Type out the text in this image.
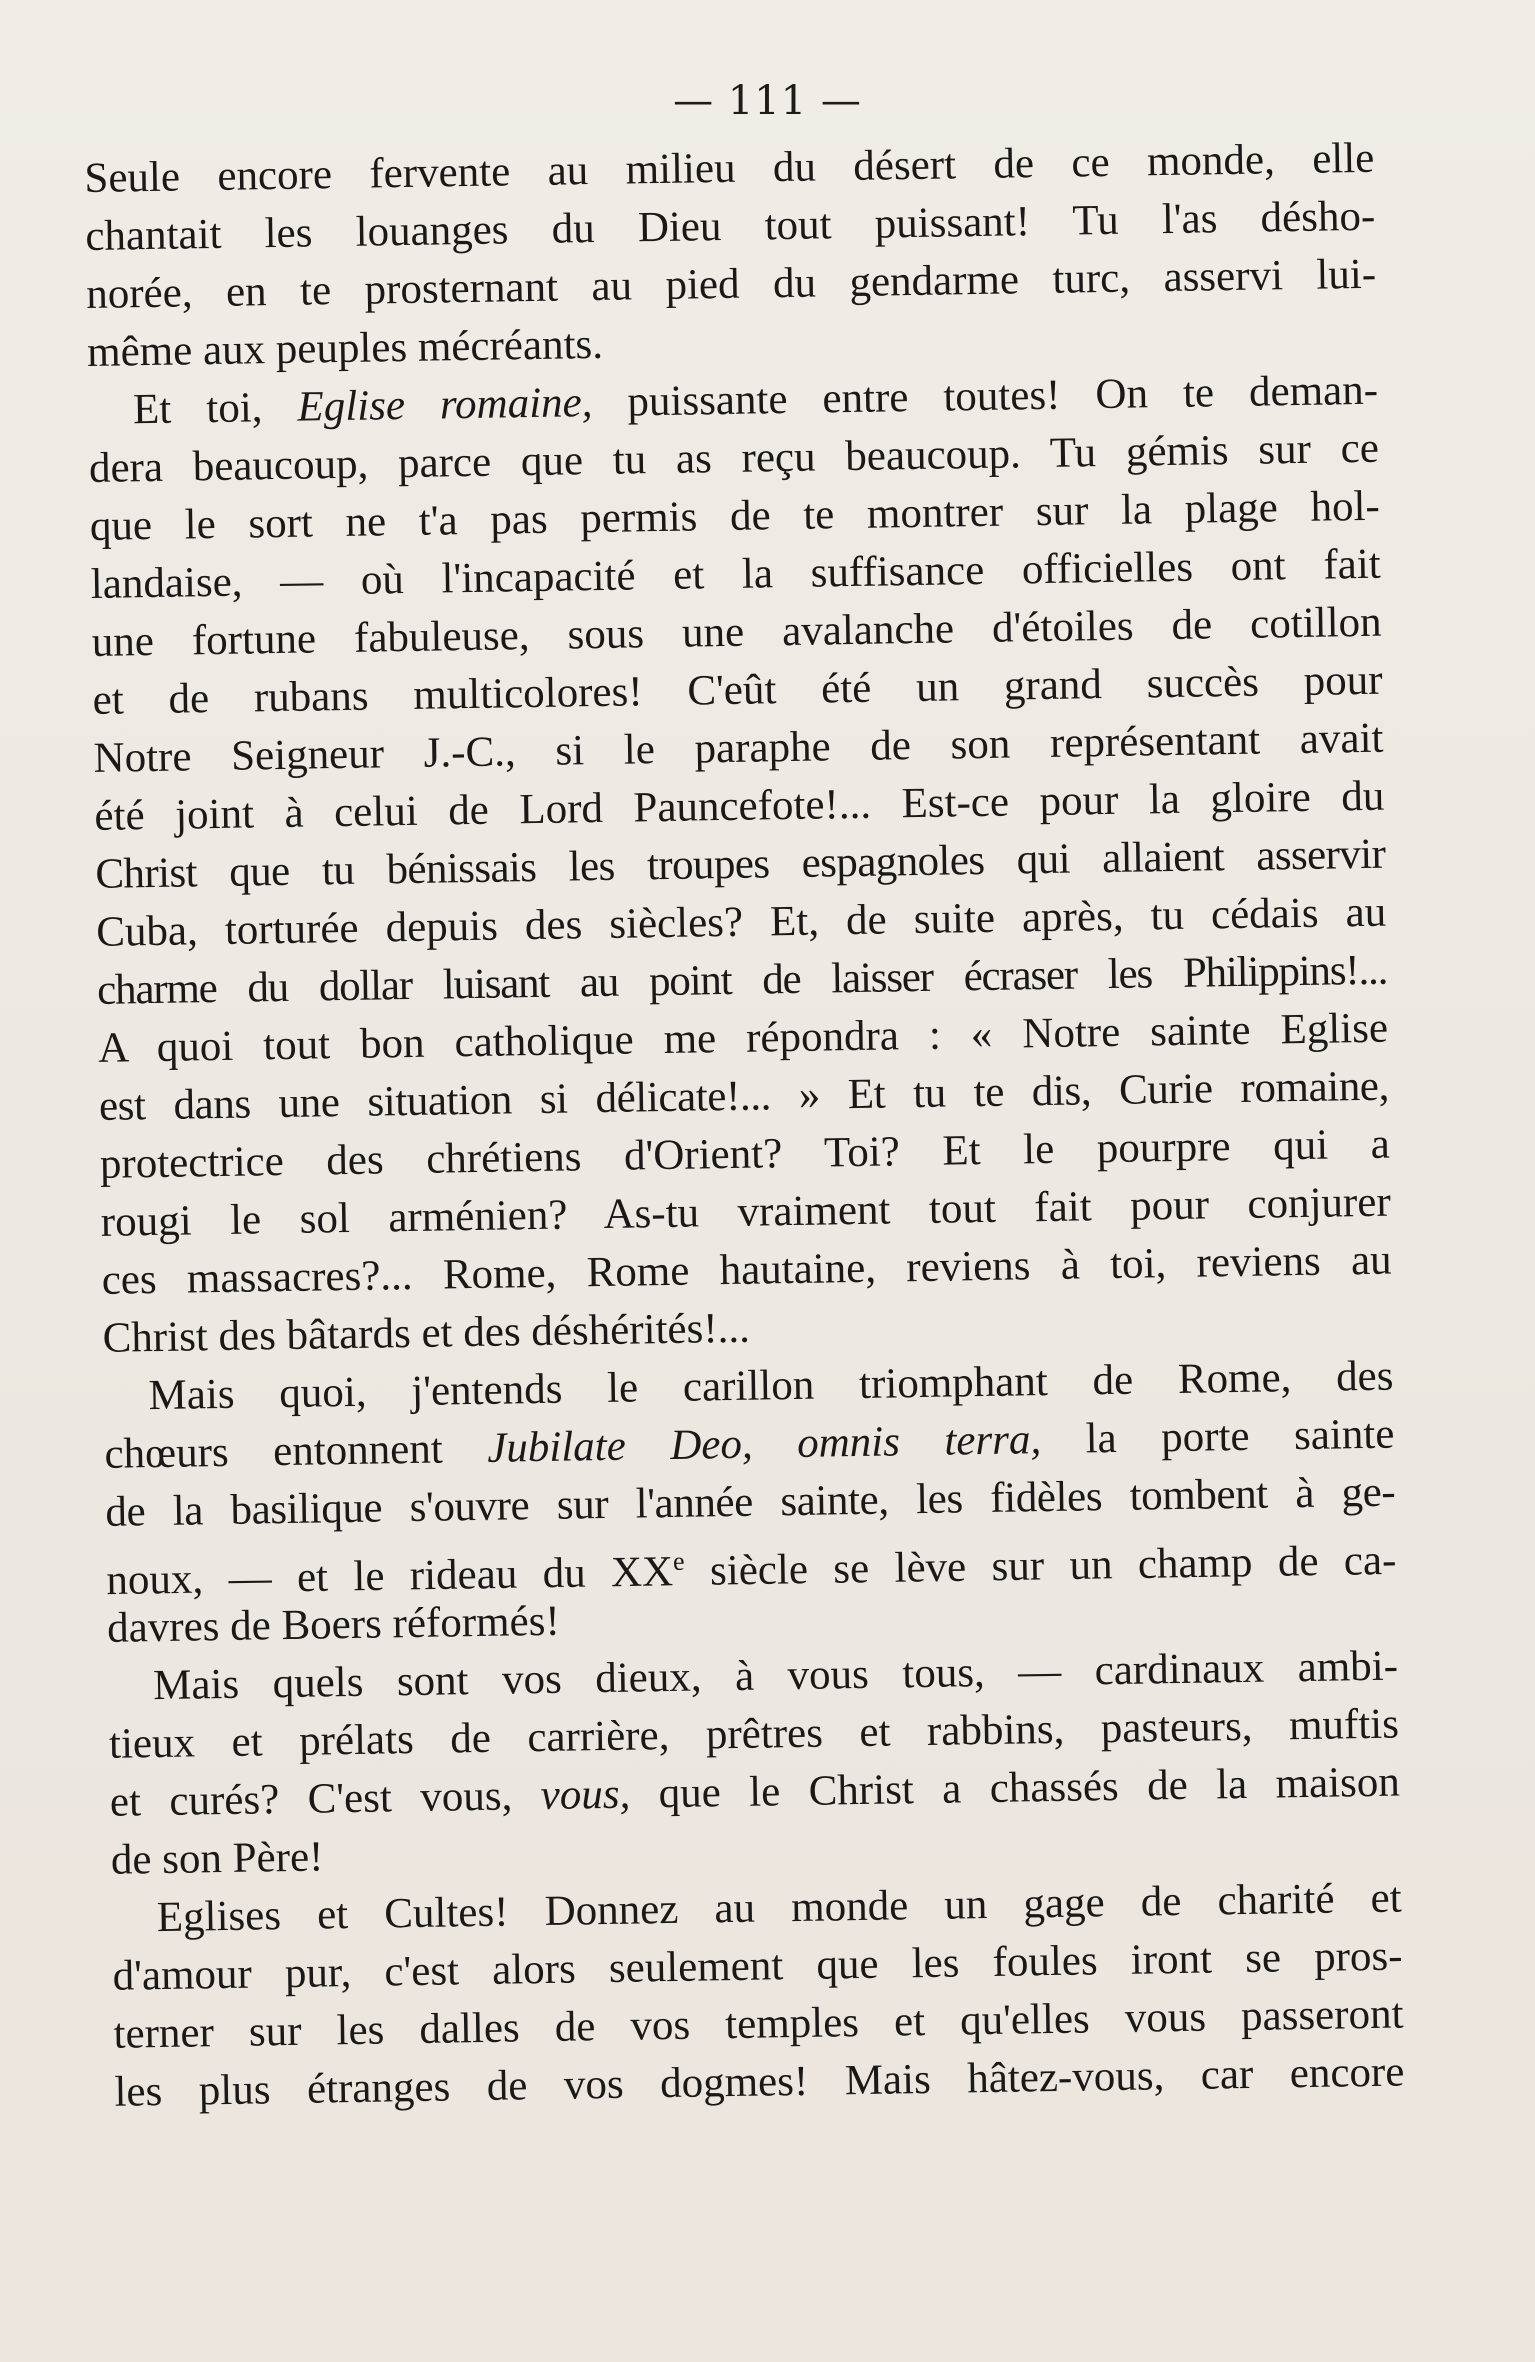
— 111 —
Seule encore fervente au milieu du désert de ce monde, elle
chantait les louanges du Dieu tout puissant! Tu l'as désho-
norée, en te prosternant au pied du gendarme turc, asservi lui-
même aux peuples mécréants.
Et toi, Eglise romaine, puissante entre toutes! On te deman-
dera beaucoup, parce que tu as reçu beaucoup. Tu gémis sur ce
que le sort ne t'a pas permis de te montrer sur la plage hol-
landaise, — où l'incapacité et la suffisance officielles ont fait
une fortune fabuleuse, sous une avalanche d'étoiles de cotillon
et de rubans multicolores! C'eût été un grand succès pour
Notre Seigneur J.-C., si le paraphe de son représentant avait
été joint à celui de Lord Pauncefote!... Est-ce pour la gloire du
Christ que tu bénissais les troupes espagnoles qui allaient asservir
Cuba, torturée depuis des siècles? Et, de suite après, tu cédais au
charme du dollar luisant au point de laisser écraser les Philippins!...
A quoi tout bon catholique me répondra : « Notre sainte Eglise
est dans une situation si délicate!... » Et tu te dis, Curie romaine,
protectrice des chrétiens d'Orient? Toi? Et le pourpre qui a
rougi le sol arménien? As-tu vraiment tout fait pour conjurer
ces massacres?... Rome, Rome hautaine, reviens à toi, reviens au
Christ des bâtards et des déshérités!...
Mais quoi, j'entends le carillon triomphant de Rome, des
chœurs entonnent Jubilate Deo, omnis terra, la porte sainte
de la basilique s'ouvre sur l'année sainte, les fidèles tombent à ge-
noux, — et le rideau du XXe siècle se lève sur un champ de ca-
davres de Boers réformés!
Mais quels sont vos dieux, à vous tous, — cardinaux ambi-
tieux et prélats de carrière, prêtres et rabbins, pasteurs, muftis
et curés? C'est vous, vous, que le Christ a chassés de la maison
de son Père!
Eglises et Cultes! Donnez au monde un gage de charité et
d'amour pur, c'est alors seulement que les foules iront se pros-
terner sur les dalles de vos temples et qu'elles vous passeront
les plus étranges de vos dogmes! Mais hâtez-vous, car encore
